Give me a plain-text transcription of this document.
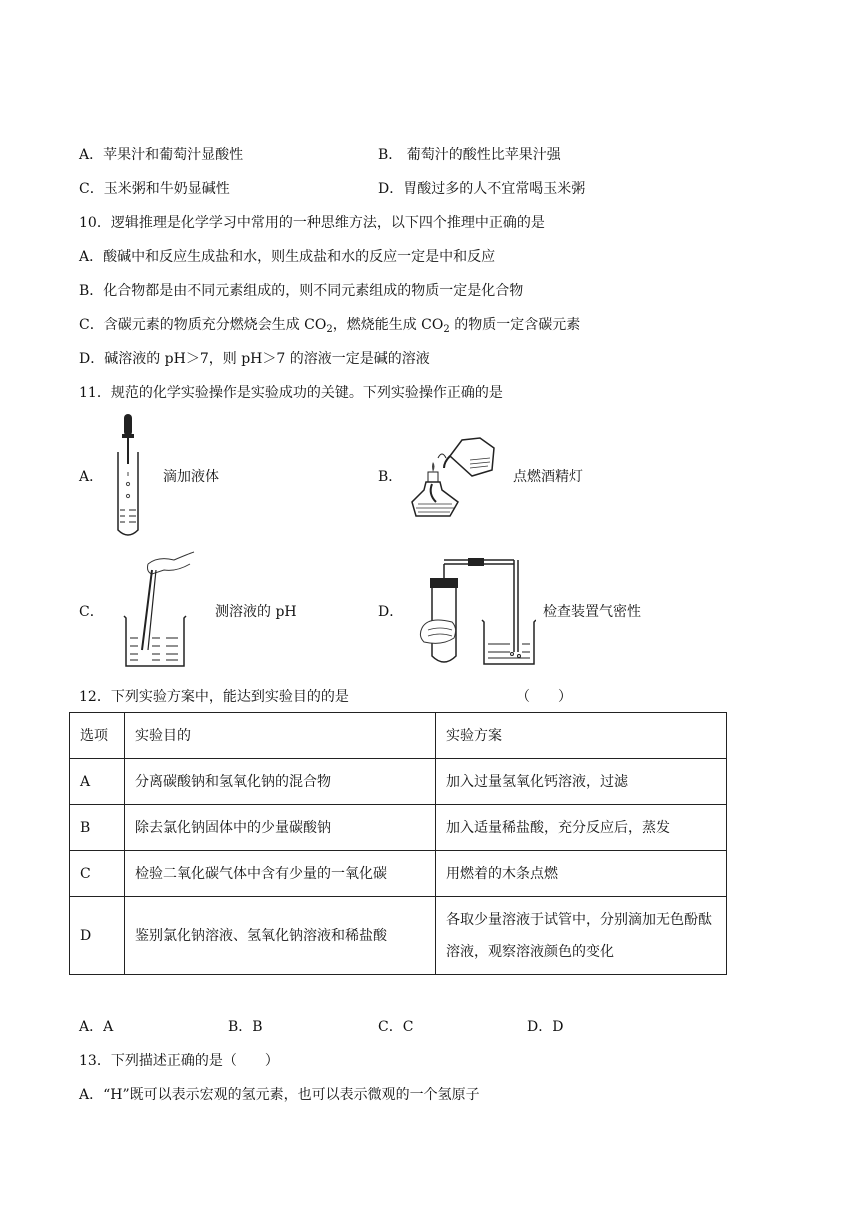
A．苹果汁和葡萄汁显酸性	B． 葡萄汁的酸性比苹果汁强
C．玉米粥和牛奶显碱性	D．胃酸过多的人不宜常喝玉米粥
10．逻辑推理是化学学习中常用的一种思维方法，以下四个推理中正确的是
A．酸碱中和反应生成盐和水，则生成盐和水的反应一定是中和反应
B．化合物都是由不同元素组成的，则不同元素组成的物质一定是化合物
C．含碳元素的物质充分燃烧会生成 $CO_2$，燃烧能生成 $CO_2$ 的物质一定含碳元素
D．碱溶液的 pH＞7，则 pH＞7 的溶液一定是碱的溶液
11．规范的化学实验操作是实验成功的关键。下列实验操作正确的是
A．	滴加液体	B．	点燃酒精灯
C．	测溶液的 pH	D．	检查装置气密性
12．下列实验方案中，能达到实验目的的是	（　　）
选项	实验目的	实验方案
A	分离碳酸钠和氢氧化钠的混合物	加入过量氢氧化钙溶液，过滤
B	除去氯化钠固体中的少量碳酸钠	加入适量稀盐酸，充分反应后，蒸发
C	检验二氧化碳气体中含有少量的一氧化碳	用燃着的木条点燃
D	鉴别氯化钠溶液、氢氧化钠溶液和稀盐酸	各取少量溶液于试管中，分别滴加无色酚酞溶液，观察溶液颜色的变化
A．A	B．B	C．C	D．D
13．下列描述正确的是（　　）
A．“H”既可以表示宏观的氢元素，也可以表示微观的一个氢原子
